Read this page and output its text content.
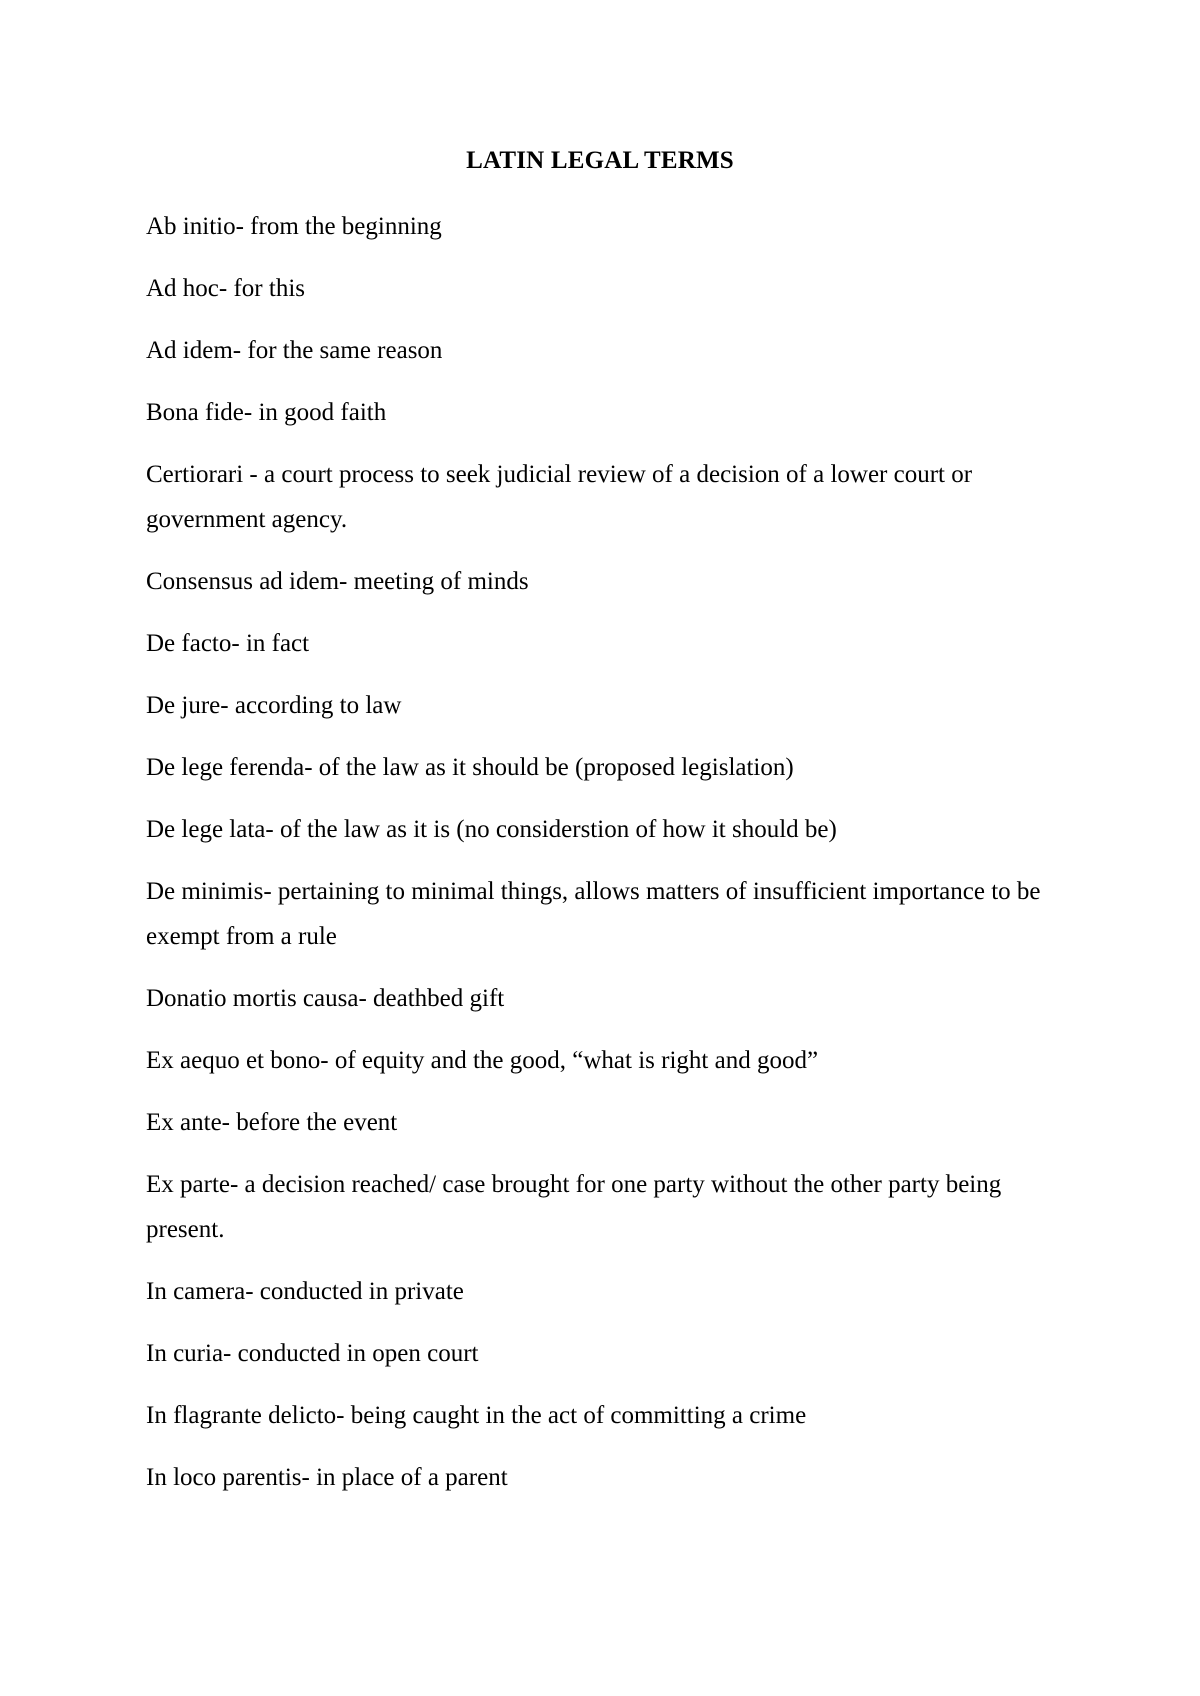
LATIN LEGAL TERMS
Ab initio- from the beginning
Ad hoc- for this
Ad idem- for the same reason
Bona fide- in good faith
Certiorari - a court process to seek judicial review of a decision of a lower court or government agency.
Consensus ad idem- meeting of minds
De facto- in fact
De jure- according to law
De lege ferenda- of the law as it should be (proposed legislation)
De lege lata- of the law as it is (no considerstion of how it should be)
De minimis- pertaining to minimal things, allows matters of insufficient importance to be exempt from a rule
Donatio mortis causa- deathbed gift
Ex aequo et bono- of equity and the good, “what is right and good”
Ex ante- before the event
Ex parte- a decision reached/ case brought for one party without the other party being present.
In camera- conducted in private
In curia- conducted in open court
In flagrante delicto- being caught in the act of committing a crime
In loco parentis- in place of a parent
